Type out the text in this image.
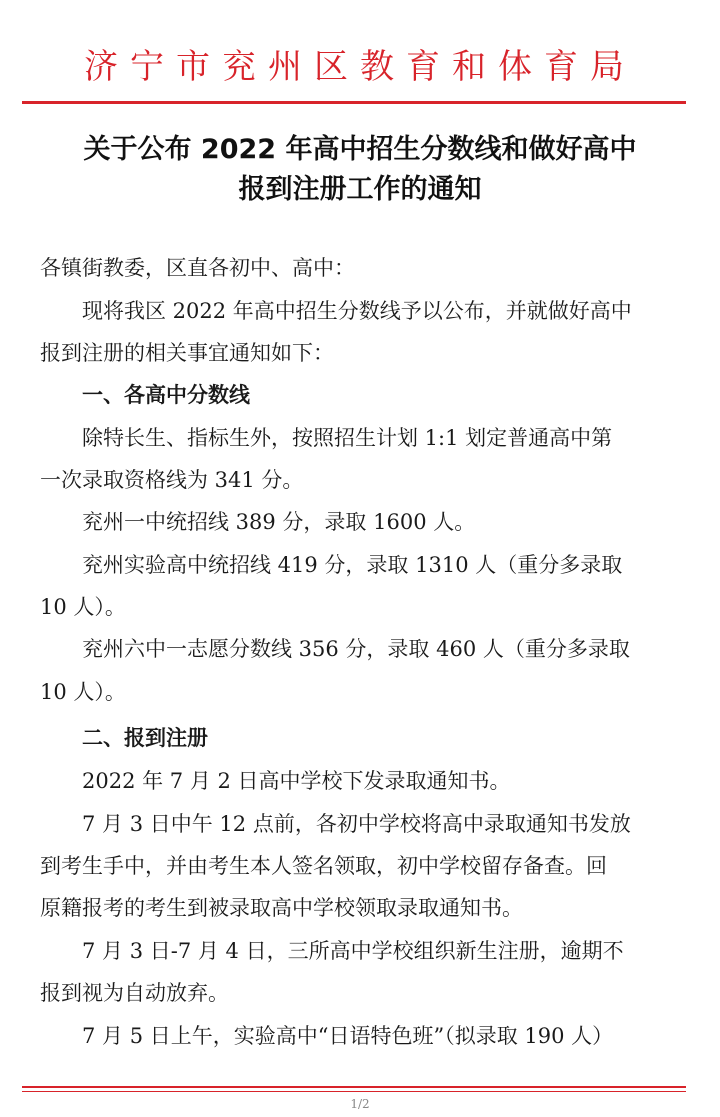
济宁市兖州区教育和体育局
关于公布 2022 年高中招生分数线和做好高中
报到注册工作的通知
各镇街教委，区直各初中、高中：
现将我区 2022 年高中招生分数线予以公布，并就做好高中
报到注册的相关事宜通知如下：
一、各高中分数线
除特长生、指标生外，按照招生计划 1:1 划定普通高中第
一次录取资格线为 341 分。
兖州一中统招线 389 分，录取 1600 人。
兖州实验高中统招线 419 分，录取 1310 人（重分多录取
10 人）。
兖州六中一志愿分数线 356 分，录取 460 人（重分多录取
10 人）。
二、报到注册
2022 年 7 月 2 日高中学校下发录取通知书。
7 月 3 日中午 12 点前，各初中学校将高中录取通知书发放
到考生手中，并由考生本人签名领取，初中学校留存备查。回
原籍报考的考生到被录取高中学校领取录取通知书。
7 月 3 日-7 月 4 日，三所高中学校组织新生注册，逾期不
报到视为自动放弃。
7 月 5 日上午，实验高中“日语特色班”（拟录取 190 人）
1/2
